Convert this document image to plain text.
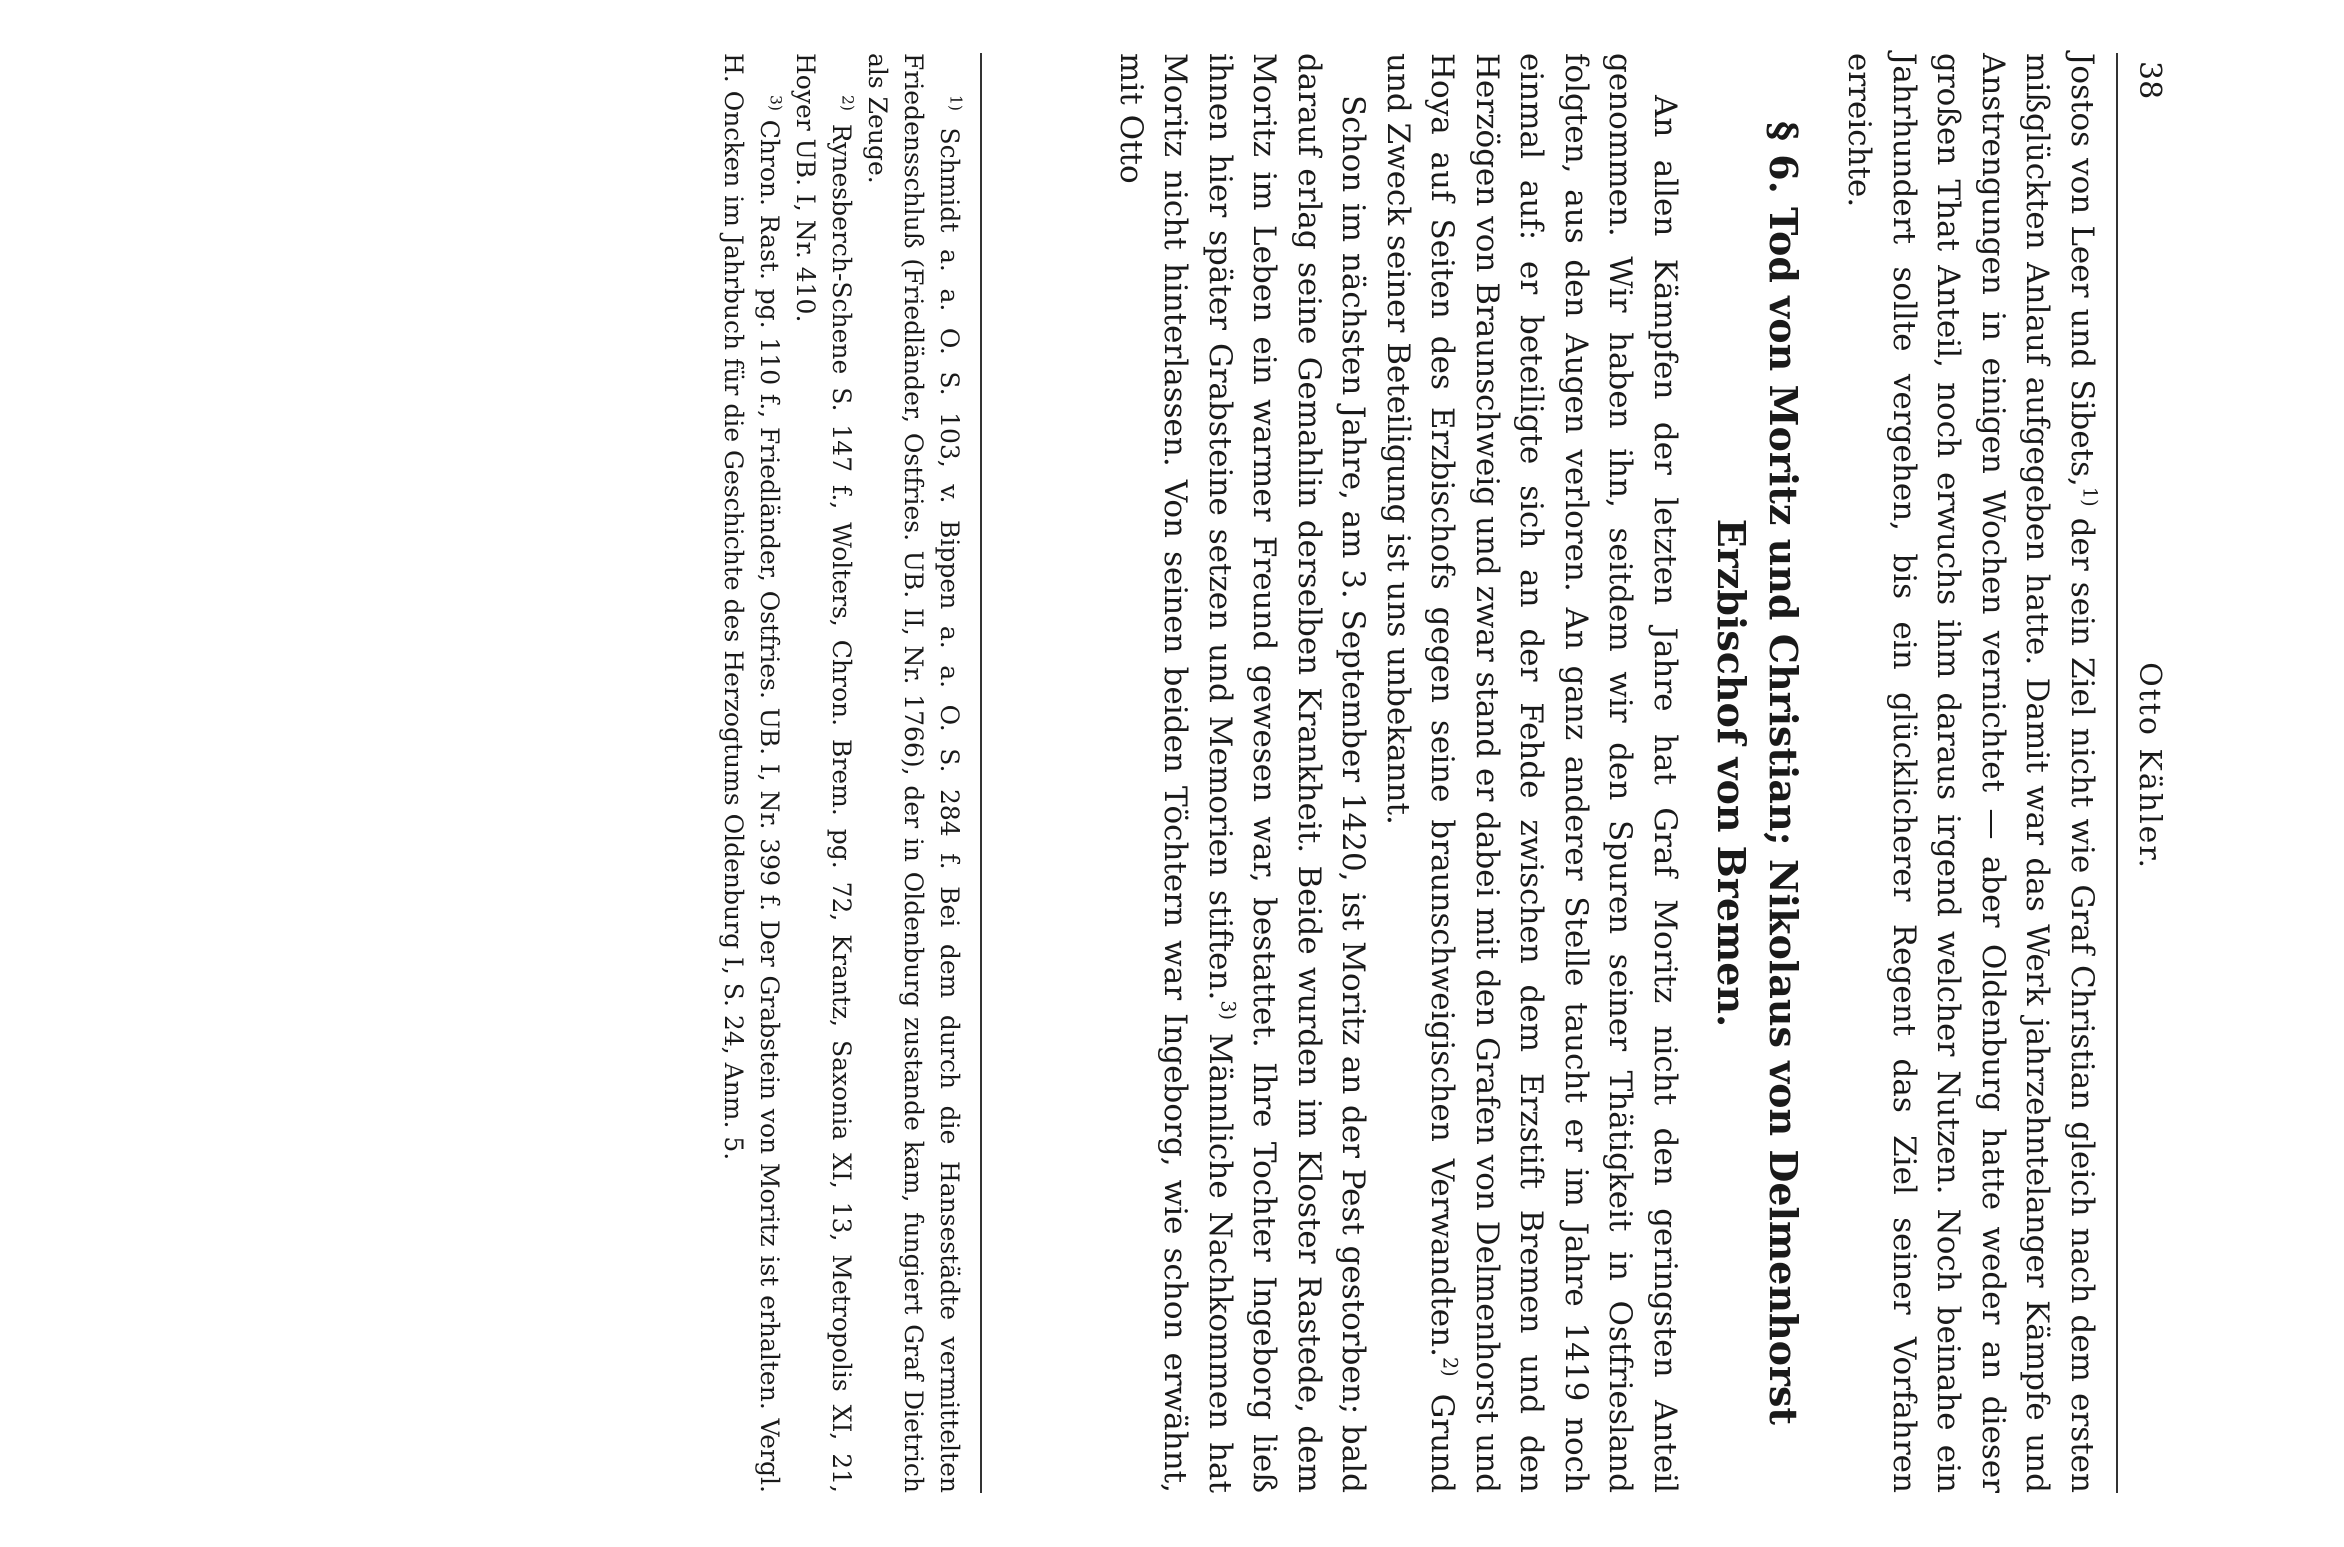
38
Otto Kähler.

Jostos von Leer und Sibets,$^{1)}$ der sein Ziel nicht wie Graf Christian gleich nach dem ersten mißglückten Anlauf aufgegeben hatte. Damit war das Werk jahrzehntelanger Kämpfe und Anstrengungen in einigen Wochen vernichtet — aber Oldenburg hatte weder an dieser großen That Anteil, noch erwuchs ihm daraus irgend welcher Nutzen. Noch beinahe ein Jahrhundert sollte vergehen, bis ein glücklicherer Regent das Ziel seiner Vorfahren erreichte.

§ 6. Tod von Moritz und Christian; Nikolaus von Delmenhorst Erzbischof von Bremen.

An allen Kämpfen der letzten Jahre hat Graf Moritz nicht den geringsten Anteil genommen. Wir haben ihn, seitdem wir den Spuren seiner Thätigkeit in Ostfriesland folgten, aus den Augen verloren. An ganz anderer Stelle taucht er im Jahre 1419 noch einmal auf: er beteiligte sich an der Fehde zwischen dem Erzstift Bremen und den Herzögen von Braunschweig und zwar stand er dabei mit den Grafen von Delmenhorst und Hoya auf Seiten des Erzbischofs gegen seine braunschweigischen Verwandten.$^{2)}$ Grund und Zweck seiner Beteiligung ist uns unbekannt.

Schon im nächsten Jahre, am 3. September 1420, ist Moritz an der Pest gestorben; bald darauf erlag seine Gemahlin derselben Krankheit. Beide wurden im Kloster Rastede, dem Moritz im Leben ein warmer Freund gewesen war, bestattet. Ihre Tochter Ingeborg ließ ihnen hier später Grabsteine setzen und Memorien stiften.$^{3)}$ Männliche Nachkommen hat Moritz nicht hinterlassen. Von seinen beiden Töchtern war Ingeborg, wie schon erwähnt, mit Otto

$^{1)}$ Schmidt a. a. O. S. 103, v. Bippen a. a. O. S. 284 f. Bei dem durch die Hansestädte vermittelten Friedensschluß (Friedländer, Ostfries. UB. II, Nr. 1766), der in Oldenburg zustande kam, fungiert Graf Dietrich als Zeuge.

$^{2)}$ Rynesberch-Schene S. 147 f., Wolters, Chron. Brem. pg. 72, Krantz, Saxonia XI, 13, Metropolis XI, 21, Hoyer UB. I, Nr. 410.

$^{3)}$ Chron. Rast. pg. 110 f., Friedländer, Ostfries. UB. I, Nr. 399 f. Der Grabstein von Moritz ist erhalten. Vergl. H. Oncken im Jahrbuch für die Geschichte des Herzogtums Oldenburg I, S. 24, Anm. 5.
